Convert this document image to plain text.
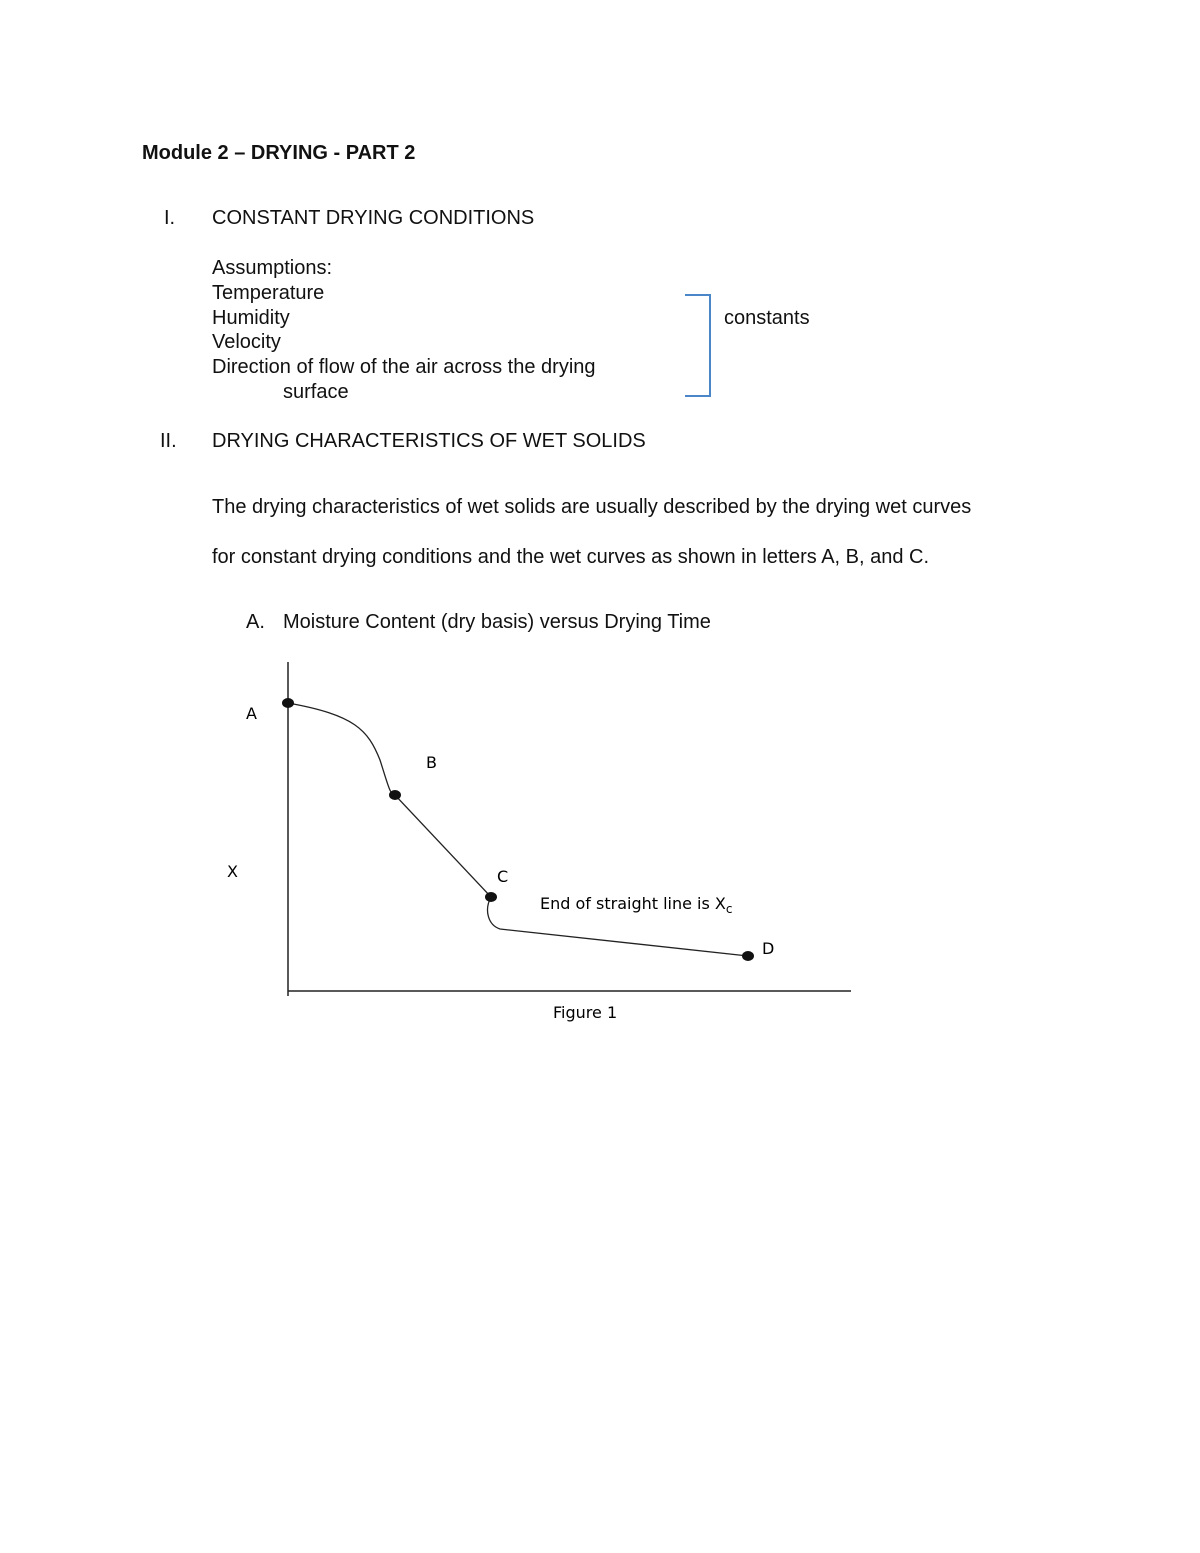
Module 2 – DRYING - PART 2
I. CONSTANT DRYING CONDITIONS
Assumptions:
Temperature
Humidity
Velocity
Direction of flow of the air across the drying
surface
constants
II. DRYING CHARACTERISTICS OF WET SOLIDS
The drying characteristics of wet solids are usually described by the drying wet curves
for constant drying conditions and the wet curves as shown in letters A, B, and C.
A. Moisture Content (dry basis) versus Drying Time
A
B
C
D
X
End of straight line is $X_c$
Figure 1
